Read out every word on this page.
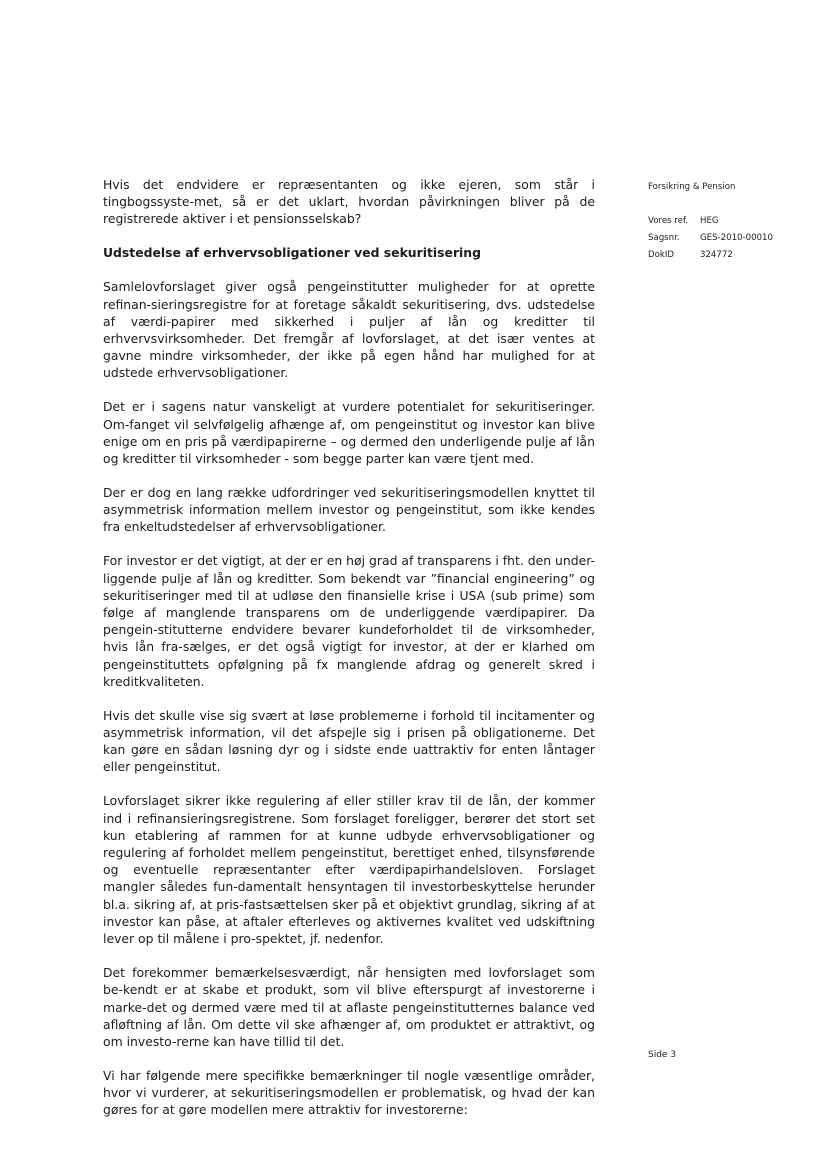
Hvis det endvidere er repræsentanten og ikke ejeren, som står i tingbogssyste-met, så er det uklart, hvordan påvirkningen bliver på de registrerede aktiver i et pensionsselskab?

Udstedelse af erhvervsobligationer ved sekuritisering

Samlelovforslaget giver også pengeinstitutter muligheder for at oprette refinan-sieringsregistre for at foretage såkaldt sekuritisering, dvs. udstedelse af værdi-papirer med sikkerhed i puljer af lån og kreditter til erhvervsvirksomheder. Det fremgår af lovforslaget, at det især ventes at gavne mindre virksomheder, der ikke på egen hånd har mulighed for at udstede erhvervsobligationer.

Det er i sagens natur vanskeligt at vurdere potentialet for sekuritiseringer. Om-fanget vil selvfølgelig afhænge af, om pengeinstitut og investor kan blive enige om en pris på værdipapirerne – og dermed den underligende pulje af lån og kreditter til virksomheder - som begge parter kan være tjent med.

Der er dog en lang række udfordringer ved sekuritiseringsmodellen knyttet til asymmetrisk information mellem investor og pengeinstitut, som ikke kendes fra enkeltudstedelser af erhvervsobligationer.

For investor er det vigtigt, at der er en høj grad af transparens i fht. den under-liggende pulje af lån og kreditter. Som bekendt var ”financial engineering” og sekuritiseringer med til at udløse den finansielle krise i USA (sub prime) som følge af manglende transparens om de underliggende værdipapirer. Da pengein-stitutterne endvidere bevarer kundeforholdet til de virksomheder, hvis lån fra-sælges, er det også vigtigt for investor, at der er klarhed om pengeinstituttets opfølgning på fx manglende afdrag og generelt skred i kreditkvaliteten.

Hvis det skulle vise sig svært at løse problemerne i forhold til incitamenter og asymmetrisk information, vil det afspejle sig i prisen på obligationerne. Det kan gøre en sådan løsning dyr og i sidste ende uattraktiv for enten låntager eller pengeinstitut.

Lovforslaget sikrer ikke regulering af eller stiller krav til de lån, der kommer ind i refinansieringsregistrene. Som forslaget foreligger, berører det stort set kun etablering af rammen for at kunne udbyde erhvervsobligationer og regulering af forholdet mellem pengeinstitut, berettiget enhed, tilsynsførende og eventuelle repræsentanter efter værdipapirhandelsloven. Forslaget mangler således fun-damentalt hensyntagen til investorbeskyttelse herunder bl.a. sikring af, at pris-fastsættelsen sker på et objektivt grundlag, sikring af at investor kan påse, at aftaler efterleves og aktivernes kvalitet ved udskiftning lever op til målene i pro-spektet, jf. nedenfor.

Det forekommer bemærkelsesværdigt, når hensigten med lovforslaget som be-kendt er at skabe et produkt, som vil blive efterspurgt af investorerne i marke-det og dermed være med til at aflaste pengeinstitutternes balance ved afløftning af lån. Om dette vil ske afhænger af, om produktet er attraktivt, og om investo-rerne kan have tillid til det.

Vi har følgende mere specifikke bemærkninger til nogle væsentlige områder, hvor vi vurderer, at sekuritiseringsmodellen er problematisk, og hvad der kan gøres for at gøre modellen mere attraktiv for investorerne:

Forsikring & Pension
Vores ref.	HEG
Sagsnr.	GES-2010-00010
DokID	324772
Side 3
